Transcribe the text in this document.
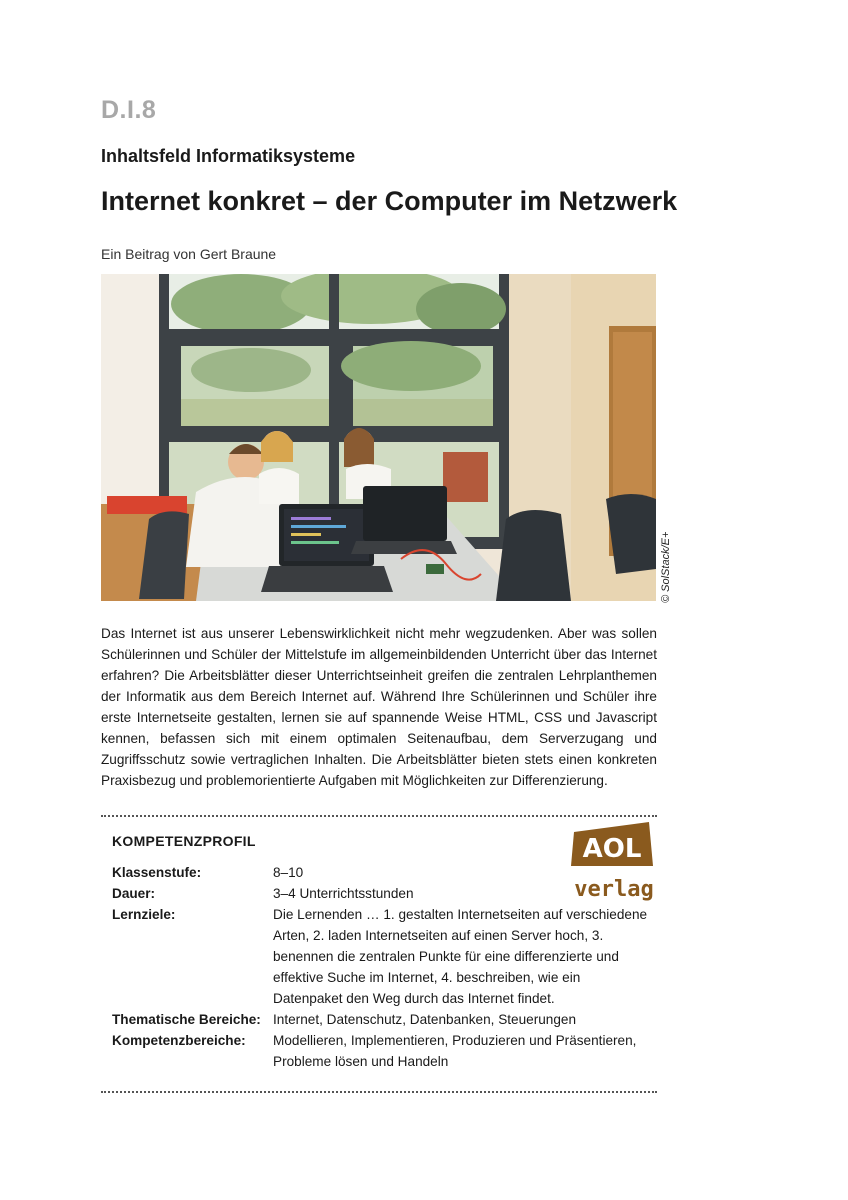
D.I.8
Inhaltsfeld Informatiksysteme
Internet konkret – der Computer im Netzwerk
Ein Beitrag von Gert Braune
© SolStack/E+
Das Internet ist aus unserer Lebenswirklichkeit nicht mehr wegzudenken. Aber was sollen Schülerinnen und Schüler der Mittelstufe im allgemeinbildenden Unterricht über das Internet erfahren? Die Arbeitsblätter dieser Unterrichtseinheit greifen die zentralen Lehrplanthemen der Informatik aus dem Bereich Internet auf. Während Ihre Schülerinnen und Schüler ihre erste Internetseite gestalten, lernen sie auf spannende Weise HTML, CSS und Javascript kennen, befassen sich mit einem optimalen Seitenaufbau, dem Serverzugang und Zugriffsschutz sowie vertraglichen Inhalten. Die Arbeitsblätter bieten stets einen konkreten Praxisbezug und problemorientierte Aufgaben mit Möglichkeiten zur Differenzierung.
KOMPETENZPROFIL
Klassenstufe:	8–10
Dauer:	3–4 Unterrichtsstunden
Lernziele:	Die Lernenden … 1. gestalten Internetseiten auf verschiedene Arten, 2. laden Internetseiten auf einen Server hoch, 3. benennen die zentralen Punkte für eine differenzierte und effektive Suche im Internet, 4. beschreiben, wie ein Datenpaket den Weg durch das Internet findet.
Thematische Bereiche: Internet, Datenschutz, Datenbanken, Steuerungen
Kompetenzbereiche:	Modellieren, Implementieren, Produzieren und Präsentieren, Probleme lösen und Handeln
AOL
verlag
